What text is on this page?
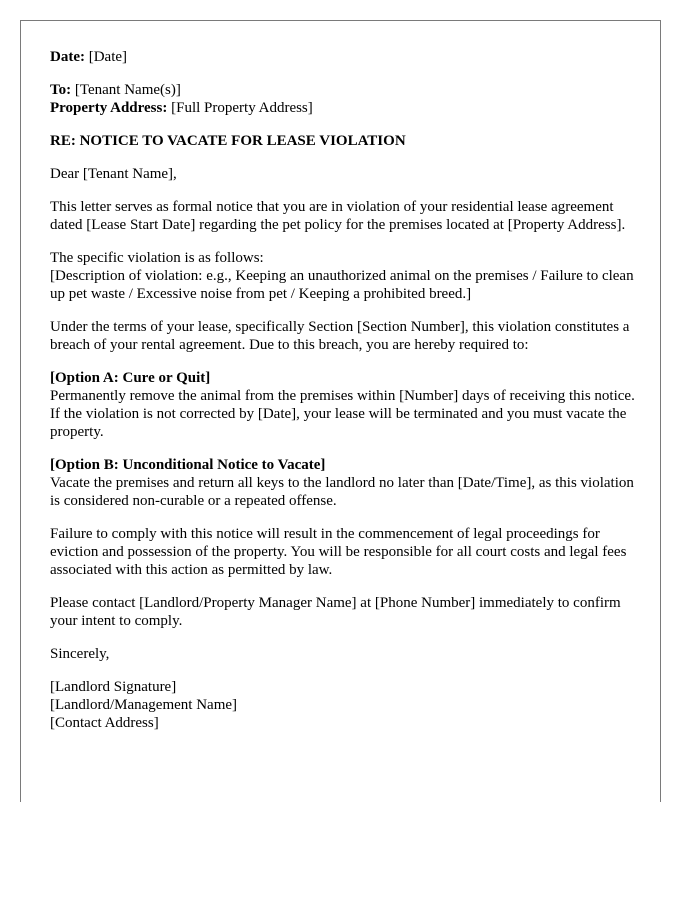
Date: [Date]

To: [Tenant Name(s)]
Property Address: [Full Property Address]

RE: NOTICE TO VACATE FOR LEASE VIOLATION

Dear [Tenant Name],

This letter serves as formal notice that you are in violation of your residential lease agreement dated [Lease Start Date] regarding the pet policy for the premises located at [Property Address].

The specific violation is as follows:
[Description of violation: e.g., Keeping an unauthorized animal on the premises / Failure to clean up pet waste / Excessive noise from pet / Keeping a prohibited breed.]

Under the terms of your lease, specifically Section [Section Number], this violation constitutes a breach of your rental agreement. Due to this breach, you are hereby required to:

[Option A: Cure or Quit]
Permanently remove the animal from the premises within [Number] days of receiving this notice. If the violation is not corrected by [Date], your lease will be terminated and you must vacate the property.

[Option B: Unconditional Notice to Vacate]
Vacate the premises and return all keys to the landlord no later than [Date/Time], as this violation is considered non-curable or a repeated offense.

Failure to comply with this notice will result in the commencement of legal proceedings for eviction and possession of the property. You will be responsible for all court costs and legal fees associated with this action as permitted by law.

Please contact [Landlord/Property Manager Name] at [Phone Number] immediately to confirm your intent to comply.

Sincerely,

[Landlord Signature]
[Landlord/Management Name]
[Contact Address]
